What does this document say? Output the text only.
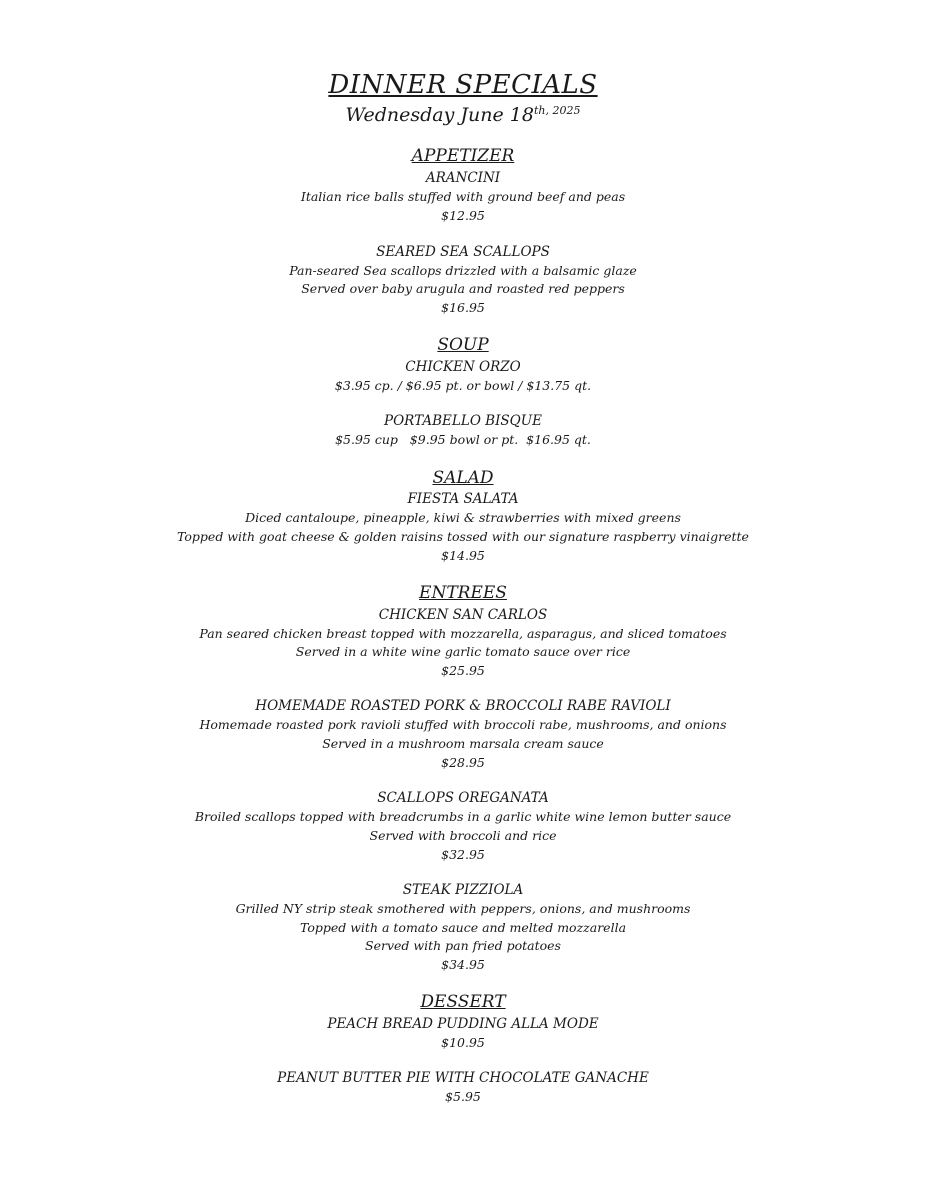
DINNER SPECIALS
Wednesday June $18^{th, 2025}$
APPETIZER
ARANCINI
Italian rice balls stuffed with ground beef and peas
$12.95
SEARED SEA SCALLOPS
Pan-seared Sea scallops drizzled with a balsamic glaze
Served over baby arugula and roasted red peppers
$16.95
SOUP
CHICKEN ORZO
$3.95 cp. / $6.95 pt. or bowl / $13.75 qt.
PORTABELLO BISQUE
$5.95 cup   $9.95 bowl or pt.  $16.95 qt.
SALAD
FIESTA SALATA
Diced cantaloupe, pineapple, kiwi & strawberries with mixed greens
Topped with goat cheese & golden raisins tossed with our signature raspberry vinaigrette
$14.95
ENTREES
CHICKEN SAN CARLOS
Pan seared chicken breast topped with mozzarella, asparagus, and sliced tomatoes
Served in a white wine garlic tomato sauce over rice
$25.95
HOMEMADE ROASTED PORK & BROCCOLI RABE RAVIOLI
Homemade roasted pork ravioli stuffed with broccoli rabe, mushrooms, and onions
Served in a mushroom marsala cream sauce
$28.95
SCALLOPS OREGANATA
Broiled scallops topped with breadcrumbs in a garlic white wine lemon butter sauce
Served with broccoli and rice
$32.95
STEAK PIZZIOLA
Grilled NY strip steak smothered with peppers, onions, and mushrooms
Topped with a tomato sauce and melted mozzarella
Served with pan fried potatoes
$34.95
DESSERT
PEACH BREAD PUDDING ALLA MODE
$10.95
PEANUT BUTTER PIE WITH CHOCOLATE GANACHE
$5.95
